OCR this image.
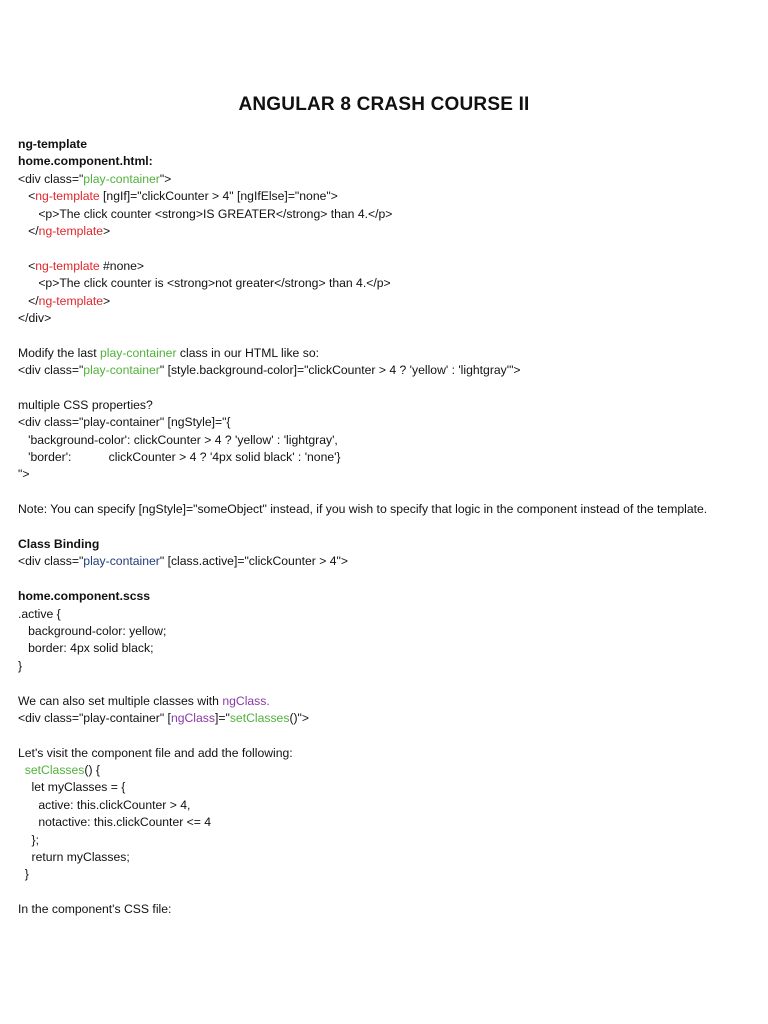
ANGULAR 8 CRASH COURSE II
ng-template
home.component.html:
<div class="play-container">
<ng-template [ngIf]="clickCounter > 4" [ngIfElse]="none">
<p>The click counter <strong>IS GREATER</strong> than 4.</p>
</ng-template>
<ng-template #none>
<p>The click counter is <strong>not greater</strong> than 4.</p>
</ng-template>
</div>
Modify the last play-container class in our HTML like so:
<div class="play-container" [style.background-color]="clickCounter > 4 ? 'yellow' : 'lightgray'">
multiple CSS properties?
<div class="play-container" [ngStyle]="{
'background-color': clickCounter > 4 ? 'yellow' : 'lightgray',
'border':           clickCounter > 4 ? '4px solid black' : 'none'}
">
Note: You can specify [ngStyle]="someObject" instead, if you wish to specify that logic in the component instead of the template.
Class Binding
<div class="play-container" [class.active]="clickCounter > 4">
home.component.scss
.active {
background-color: yellow;
border: 4px solid black;
}
We can also set multiple classes with ngClass.
<div class="play-container" [ngClass]="setClasses()">
Let's visit the component file and add the following:
setClasses() {
let myClasses = {
active: this.clickCounter > 4,
notactive: this.clickCounter <= 4
};
return myClasses;
}
In the component's CSS file:
